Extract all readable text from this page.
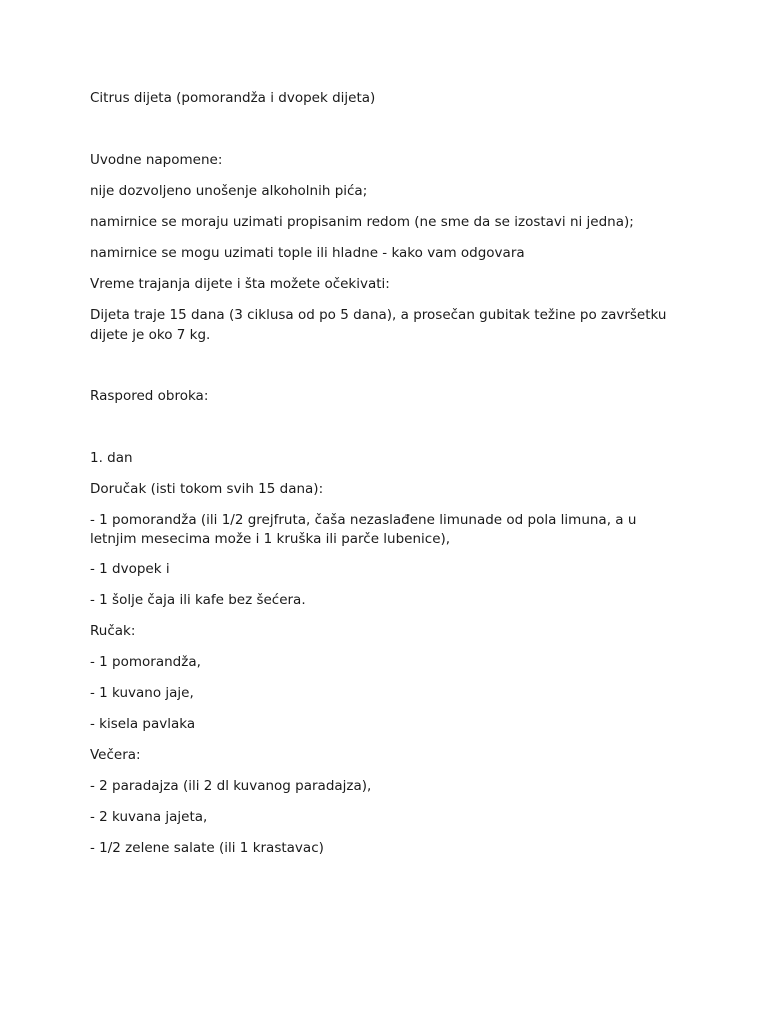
Citrus dijeta (pomorandža i dvopek dijeta)
Uvodne napomene:
nije dozvoljeno unošenje alkoholnih pića;
namirnice se moraju uzimati propisanim redom (ne sme da se izostavi ni jedna);
namirnice se mogu uzimati tople ili hladne - kako vam odgovara
Vreme trajanja dijete i šta možete očekivati:
Dijeta traje 15 dana (3 ciklusa od po 5 dana), a prosečan gubitak težine po završetku
dijete je oko 7 kg.
Raspored obroka:
1. dan
Doručak (isti tokom svih 15 dana):
- 1 pomorandža (ili 1/2 grejfruta, čaša nezaslađene limunade od pola limuna, a u
letnjim mesecima može i 1 kruška ili parče lubenice),
- 1 dvopek i
- 1 šolje čaja ili kafe bez šećera.
Ručak:
- 1 pomorandža,
- 1 kuvano jaje,
- kisela pavlaka
Večera:
- 2 paradajza (ili 2 dl kuvanog paradajza),
- 2 kuvana jajeta,
- 1/2 zelene salate (ili 1 krastavac)
